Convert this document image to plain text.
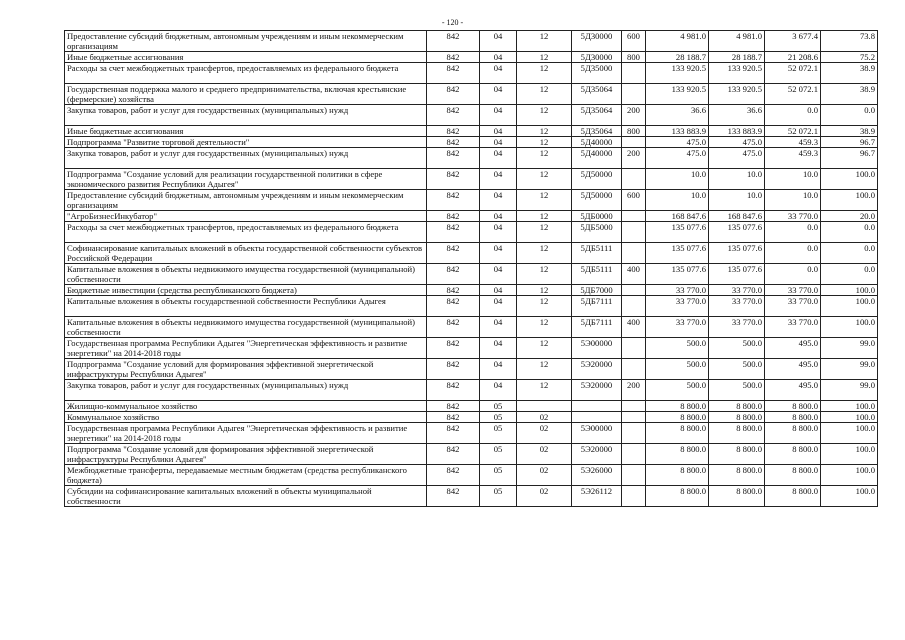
- 120 -
Предоставление субсидий бюджетным, автономным учреждениям и иным некоммерческим организациям	842	04	12	5Д30000	600	4 981.0	4 981.0	3 677.4	73.8
Иные бюджетные ассигнования	842	04	12	5Д30000	800	28 188.7	28 188.7	21 208.6	75.2
Расходы за счет межбюджетных трансфертов, предоставляемых из федерального бюджета	842	04	12	5Д35000		133 920.5	133 920.5	52 072.1	38.9
Государственная поддержка малого и среднего предпринимательства, включая крестьянские (фермерские) хозяйства	842	04	12	5Д35064		133 920.5	133 920.5	52 072.1	38.9
Закупка товаров, работ и услуг для государственных (муниципальных) нужд	842	04	12	5Д35064	200	36.6	36.6	0.0	0.0
Иные бюджетные ассигнования	842	04	12	5Д35064	800	133 883.9	133 883.9	52 072.1	38.9
Подпрограмма "Развитие торговой деятельности"	842	04	12	5Д40000		475.0	475.0	459.3	96.7
Закупка товаров, работ и услуг для государственных (муниципальных) нужд	842	04	12	5Д40000	200	475.0	475.0	459.3	96.7
Подпрограмма "Создание условий для реализации государственной политики в сфере экономического развития Республики Адыгея"	842	04	12	5Д50000		10.0	10.0	10.0	100.0
Предоставление субсидий бюджетным, автономным учреждениям и иным некоммерческим организациям	842	04	12	5Д50000	600	10.0	10.0	10.0	100.0
"АгроБизнесИнкубатор"	842	04	12	5ДБ0000		168 847.6	168 847.6	33 770.0	20.0
Расходы за счет межбюджетных трансфертов, предоставляемых из федерального бюджета	842	04	12	5ДБ5000		135 077.6	135 077.6	0.0	0.0
Софинансирование капитальных вложений в объекты государственной собственности субъектов Российской Федерации	842	04	12	5ДБ5111		135 077.6	135 077.6	0.0	0.0
Капитальные вложения в объекты недвижимого имущества государственной (муниципальной) собственности	842	04	12	5ДБ5111	400	135 077.6	135 077.6	0.0	0.0
Бюджетные инвестиции (средства республиканского бюджета)	842	04	12	5ДБ7000		33 770.0	33 770.0	33 770.0	100.0
Капитальные вложения в объекты государственной собственности Республики Адыгея	842	04	12	5ДБ7111		33 770.0	33 770.0	33 770.0	100.0
Капитальные вложения в объекты недвижимого имущества государственной (муниципальной) собственности	842	04	12	5ДБ7111	400	33 770.0	33 770.0	33 770.0	100.0
Государственная программа Республики Адыгея "Энергетическая эффективность и развитие энергетики" на 2014-2018 годы	842	04	12	5Э00000		500.0	500.0	495.0	99.0
Подпрограмма "Создание условий для формирования эффективной энергетической инфраструктуры Республики Адыгея"	842	04	12	5Э20000		500.0	500.0	495.0	99.0
Закупка товаров, работ и услуг для государственных (муниципальных) нужд	842	04	12	5Э20000	200	500.0	500.0	495.0	99.0
Жилищно-коммунальное хозяйство	842	05				8 800.0	8 800.0	8 800.0	100.0
Коммунальное хозяйство	842	05	02			8 800.0	8 800.0	8 800.0	100.0
Государственная программа Республики Адыгея "Энергетическая эффективность и развитие энергетики" на 2014-2018 годы	842	05	02	5Э00000		8 800.0	8 800.0	8 800.0	100.0
Подпрограмма "Создание условий для формирования эффективной энергетической инфраструктуры Республики Адыгея"	842	05	02	5Э20000		8 800.0	8 800.0	8 800.0	100.0
Межбюджетные трансферты, передаваемые местным бюджетам (средства республиканского бюджета)	842	05	02	5Э26000		8 800.0	8 800.0	8 800.0	100.0
Субсидии на софинансирование капитальных вложений в объекты муниципальной собственности	842	05	02	5Э26112		8 800.0	8 800.0	8 800.0	100.0
